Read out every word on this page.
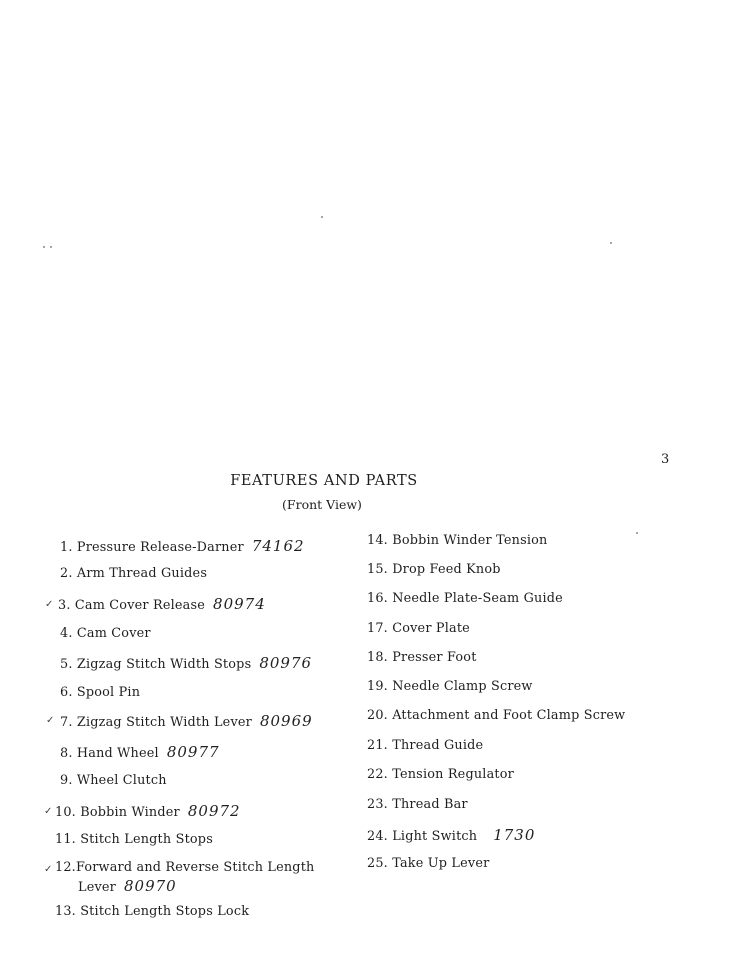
3
FEATURES AND PARTS
(Front View)
✓
✓
✓
✓
1. Pressure Release-Darner 74162
2. Arm Thread Guides
3. Cam Cover Release 80974
4. Cam Cover
5. Zigzag Stitch Width Stops 80976
6. Spool Pin
7. Zigzag Stitch Width Lever 80969
8. Hand Wheel 80977
9. Wheel Clutch
10. Bobbin Winder 80972
11. Stitch Length Stops
12.Forward and Reverse Stitch Length
Lever 80970
13. Stitch Length Stops Lock
14. Bobbin Winder Tension
15. Drop Feed Knob
16. Needle Plate-Seam Guide
17. Cover Plate
18. Presser Foot
19. Needle Clamp Screw
20. Attachment and Foot Clamp Screw
21. Thread Guide
22. Tension Regulator
23. Thread Bar
24. Light Switch 1730
25. Take Up Lever
